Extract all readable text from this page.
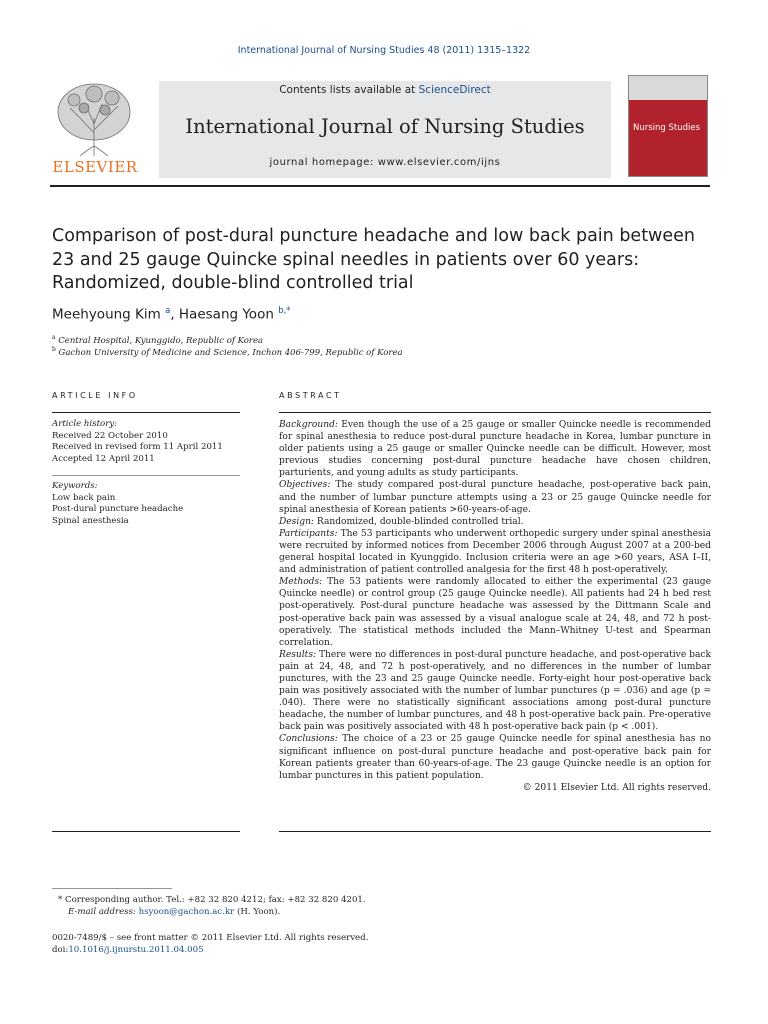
International Journal of Nursing Studies 48 (2011) 1315–1322
ELSEVIER
Contents lists available at ScienceDirect
International Journal of Nursing Studies
journal homepage: www.elsevier.com/ijns
Nursing Studies
Comparison of post-dural puncture headache and low back pain between
23 and 25 gauge Quincke spinal needles in patients over 60 years:
Randomized, double-blind controlled trial
Meehyoung Kim $^a$, Haesang Yoon $^{b,*}$
$^a$ Central Hospital, Kyunggido, Republic of Korea
$^b$ Gachon University of Medicine and Science, Inchon 406-799, Republic of Korea
ARTICLE INFO
Article history:
Received 22 October 2010
Received in revised form 11 April 2011
Accepted 12 April 2011
Keywords:
Low back pain
Post-dural puncture headache
Spinal anesthesia
ABSTRACT

Background: Even though the use of a 25 gauge or smaller Quincke needle is recommended for spinal anesthesia to reduce post-dural puncture headache in Korea, lumbar puncture in older patients using a 25 gauge or smaller Quincke needle can be difficult. However, most previous studies concerning post-dural puncture headache have chosen children, parturients, and young adults as study participants.

Objectives: The study compared post-dural puncture headache, post-operative back pain, and the number of lumbar puncture attempts using a 23 or 25 gauge Quincke needle for spinal anesthesia of Korean patients >60-years-of-age.

Design: Randomized, double-blinded controlled trial.

Participants: The 53 participants who underwent orthopedic surgery under spinal anesthesia were recruited by informed notices from December 2006 through August 2007 at a 200-bed general hospital located in Kyunggido. Inclusion criteria were an age >60 years, ASA I–II, and administration of patient controlled analgesia for the first 48 h post-operatively.

Methods: The 53 patients were randomly allocated to either the experimental (23 gauge Quincke needle) or control group (25 gauge Quincke needle). All patients had 24 h bed rest post-operatively. Post-dural puncture headache was assessed by the Dittmann Scale and post-operative back pain was assessed by a visual analogue scale at 24, 48, and 72 h post-operatively. The statistical methods included the Mann–Whitney U-test and Spearman correlation.

Results: There were no differences in post-dural puncture headache, and post-operative back pain at 24, 48, and 72 h post-operatively, and no differences in the number of lumbar punctures, with the 23 and 25 gauge Quincke needle. Forty-eight hour post-operative back pain was positively associated with the number of lumbar punctures (p = .036) and age (p = .040). There were no statistically significant associations among post-dural puncture headache, the number of lumbar punctures, and 48 h post-operative back pain. Pre-operative back pain was positively associated with 48 h post-operative back pain (p < .001).

Conclusions: The choice of a 23 or 25 gauge Quincke needle for spinal anesthesia has no significant influence on post-dural puncture headache and post-operative back pain for Korean patients greater than 60-years-of-age. The 23 gauge Quincke needle is an option for lumbar punctures in this patient population.

© 2011 Elsevier Ltd. All rights reserved.

* Corresponding author. Tel.: +82 32 820 4212; fax: +82 32 820 4201.
E-mail address: hsyoon@gachon.ac.kr (H. Yoon).
0020-7489/$ – see front matter © 2011 Elsevier Ltd. All rights reserved.
doi:10.1016/j.ijnurstu.2011.04.005
